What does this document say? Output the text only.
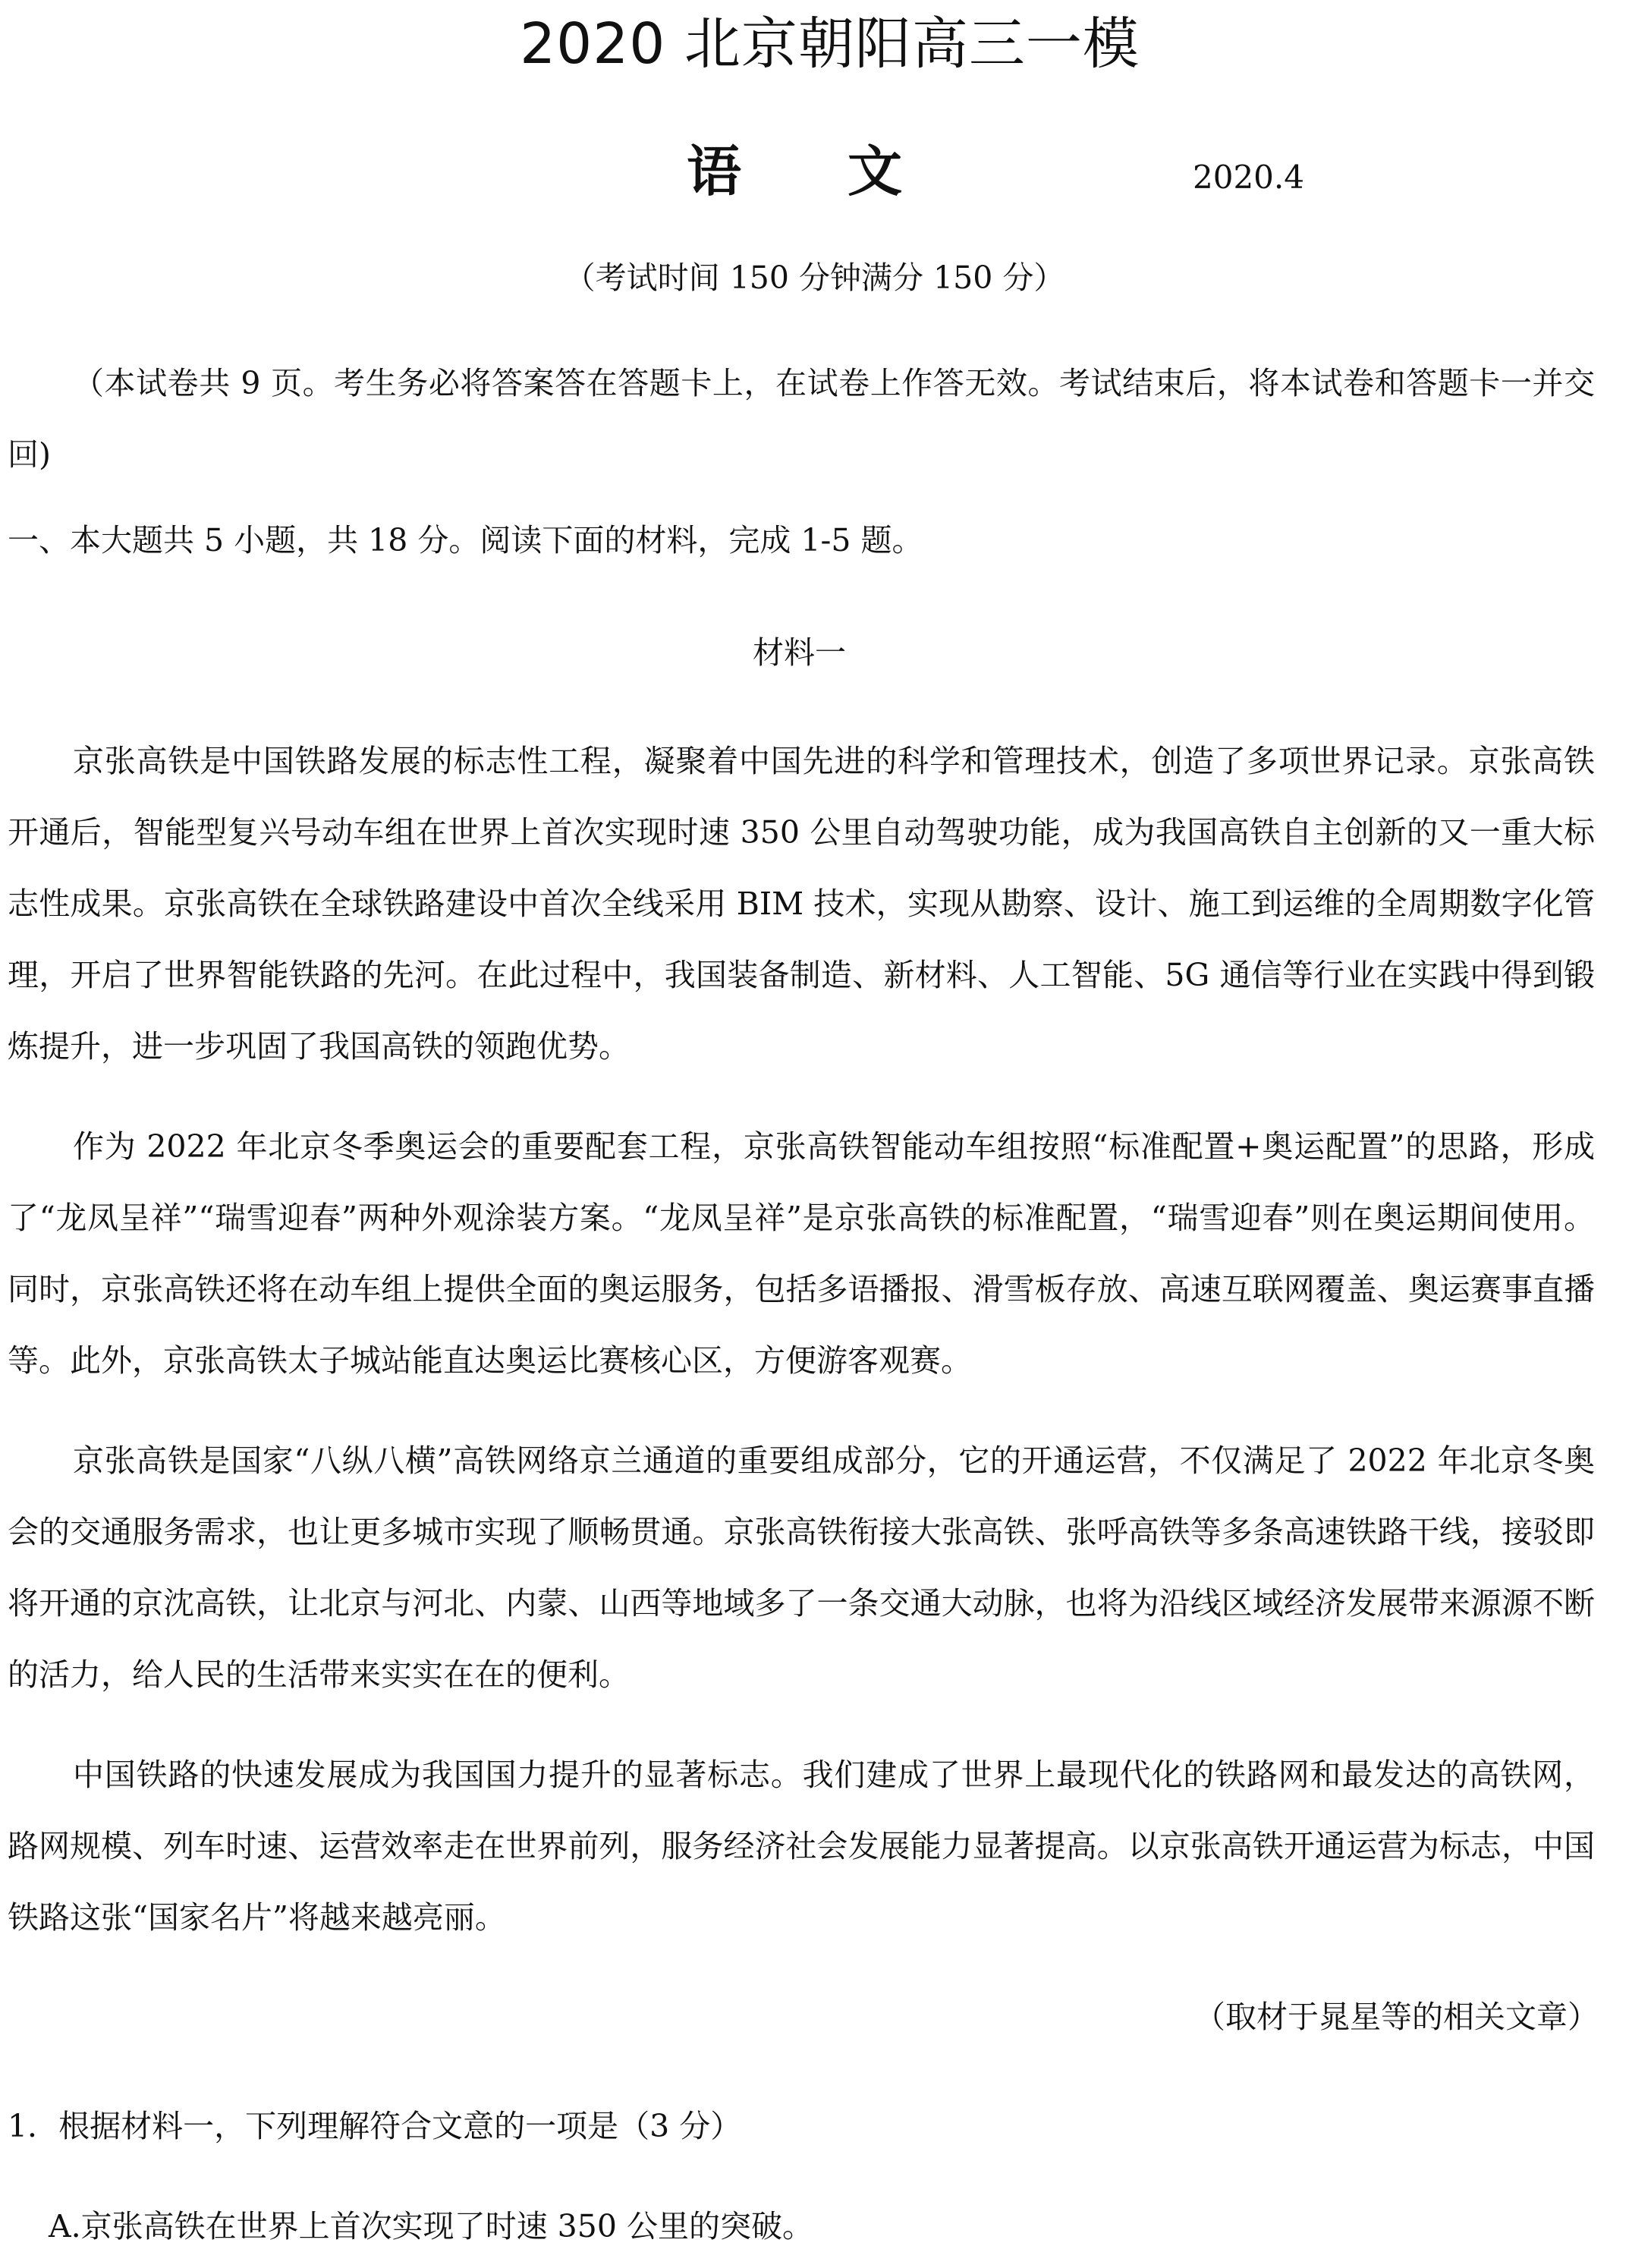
2020 北京朝阳高三一模
语文	2020.4
（考试时间 150 分钟满分 150 分）

（本试卷共 9 页。考生务必将答案答在答题卡上，在试卷上作答无效。考试结束后，将本试卷和答题卡一并交回)

一、本大题共 5 小题，共 18 分。阅读下面的材料，完成 1-5 题。
材料一

京张高铁是中国铁路发展的标志性工程，凝聚着中国先进的科学和管理技术，创造了多项世界记录。京张高铁开通后，智能型复兴号动车组在世界上首次实现时速 350 公里自动驾驶功能，成为我国高铁自主创新的又一重大标志性成果。京张高铁在全球铁路建设中首次全线采用 BIM 技术，实现从勘察、设计、施工到运维的全周期数字化管理，开启了世界智能铁路的先河。在此过程中，我国装备制造、新材料、人工智能、5G 通信等行业在实践中得到锻炼提升，进一步巩固了我国高铁的领跑优势。

作为 2022 年北京冬季奥运会的重要配套工程，京张高铁智能动车组按照“标准配置+奥运配置”的思路，形成了“龙凤呈祥”“瑞雪迎春”两种外观涂装方案。“龙凤呈祥”是京张高铁的标准配置，“瑞雪迎春”则在奥运期间使用。同时，京张高铁还将在动车组上提供全面的奥运服务，包括多语播报、滑雪板存放、高速互联网覆盖、奥运赛事直播等。此外，京张高铁太子城站能直达奥运比赛核心区，方便游客观赛。

京张高铁是国家“八纵八横”高铁网络京兰通道的重要组成部分，它的开通运营，不仅满足了 2022 年北京冬奥会的交通服务需求，也让更多城市实现了顺畅贯通。京张高铁衔接大张高铁、张呼高铁等多条高速铁路干线，接驳即将开通的京沈高铁，让北京与河北、内蒙、山西等地域多了一条交通大动脉，也将为沿线区域经济发展带来源源不断的活力，给人民的生活带来实实在在的便利。

中国铁路的快速发展成为我国国力提升的显著标志。我们建成了世界上最现代化的铁路网和最发达的高铁网，路网规模、列车时速、运营效率走在世界前列，服务经济社会发展能力显著提高。以京张高铁开通运营为标志，中国铁路这张“国家名片”将越来越亮丽。

（取材于晁星等的相关文章）
1．根据材料一，下列理解符合文意的一项是（3 分）
A.京张高铁在世界上首次实现了时速 350 公里的突破。
